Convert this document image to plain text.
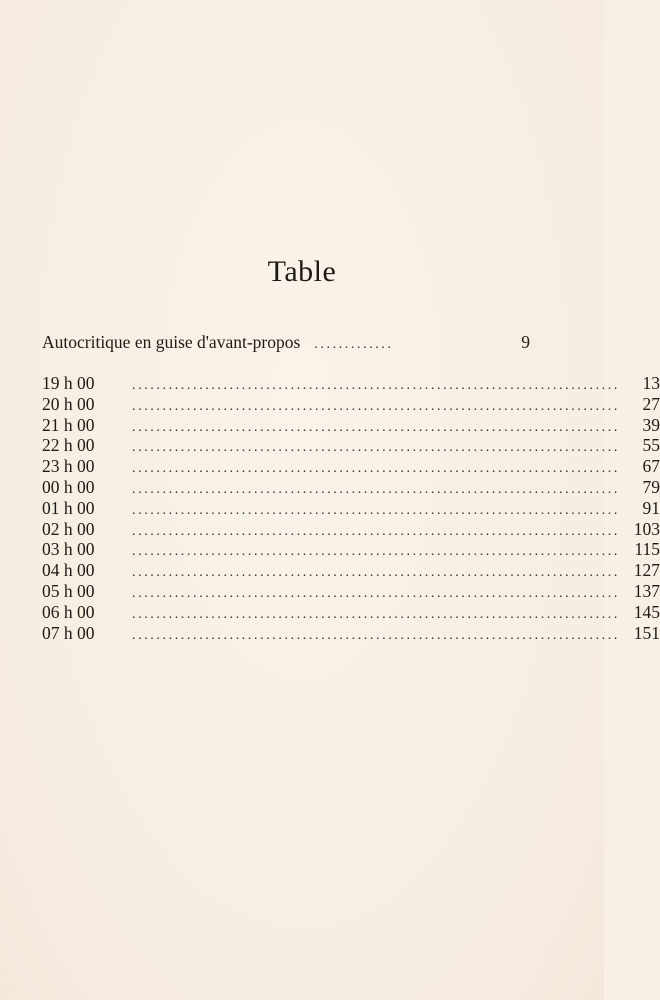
Table
Autocritique en guise d'avant-propos .............	9
19 h 00	................................................................................	13
20 h 00	................................................................................	27
21 h 00	................................................................................	39
22 h 00	................................................................................	55
23 h 00	................................................................................	67
00 h 00	................................................................................	79
01 h 00	................................................................................	91
02 h 00	................................................................................ 103
03 h 00	................................................................................ 115
04 h 00	................................................................................ 127
05 h 00	................................................................................ 137
06 h 00	................................................................................ 145
07 h 00	................................................................................ 151
